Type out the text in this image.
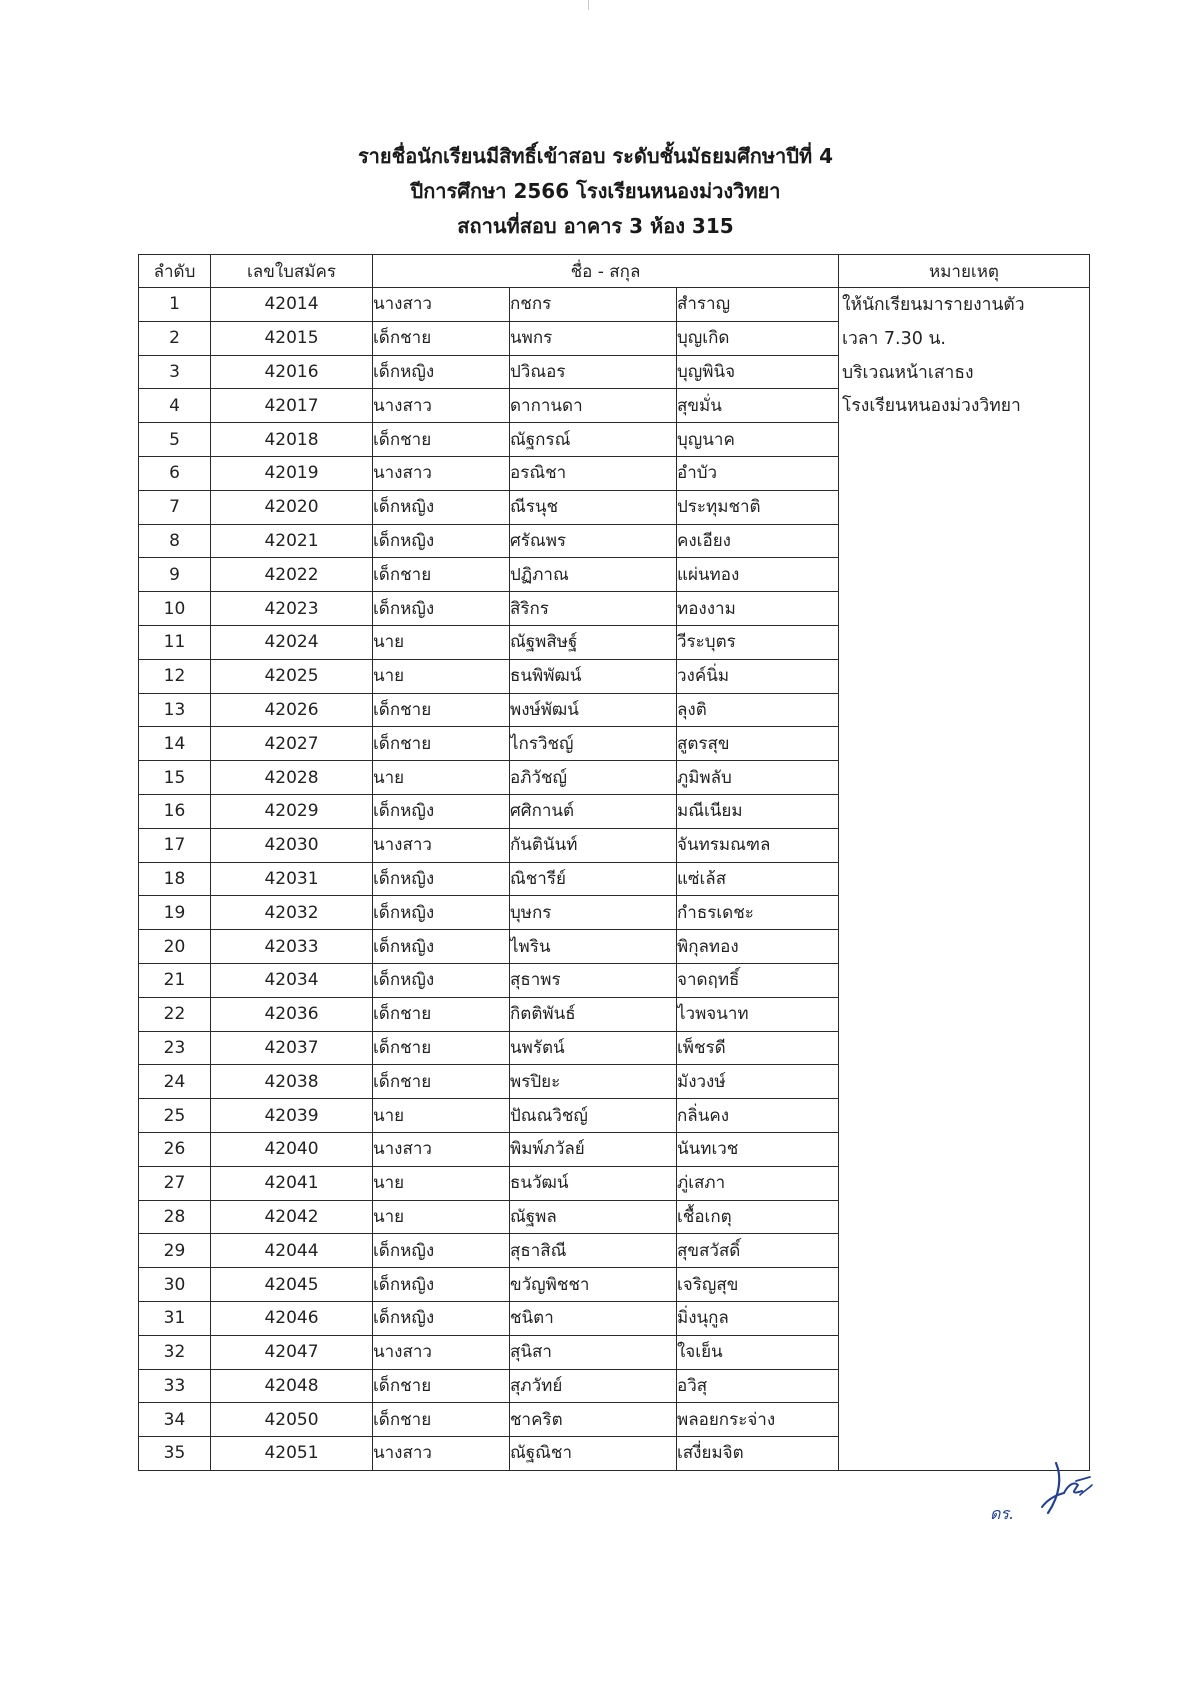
รายชื่อนักเรียนมีสิทธิ์เข้าสอบ ระดับชั้นมัธยมศึกษาปีที่ 4
ปีการศึกษา 2566 โรงเรียนหนองม่วงวิทยา
สถานที่สอบ อาคาร 3 ห้อง 315
ลำดับ	เลขใบสมัคร	ชื่อ - สกุล			หมายเหตุ
1	42014	นางสาว	กชกร	สำราญ	ให้นักเรียนมารายงานตัว
เวลา 7.30 น.
บริเวณหน้าเสาธง
โรงเรียนหนองม่วงวิทยา

2	42015	เด็กชาย	นพกร	บุญเกิด	
3	42016	เด็กหญิง	ปวิณอร	บุญพินิจ	
4	42017	นางสาว	ดากานดา	สุขมั่น	
5	42018	เด็กชาย	ณัฐกรณ์	บุญนาค	
6	42019	นางสาว	อรณิชา	อำบัว	
7	42020	เด็กหญิง	ณีรนุช	ประทุมชาติ	
8	42021	เด็กหญิง	ศรัณพร	คงเอียง	
9	42022	เด็กชาย	ปฏิภาณ	แผ่นทอง	
10	42023	เด็กหญิง	สิริกร	ทองงาม	
11	42024	นาย	ณัฐพสิษฐ์	วีระบุตร	
12	42025	นาย	ธนพิพัฒน์	วงค์นิ่ม	
13	42026	เด็กชาย	พงษ์พัฒน์	ลุงติ	
14	42027	เด็กชาย	ไกรวิชญ์	สูตรสุข	
15	42028	นาย	อภิวัชญ์	ภูมิพลับ	
16	42029	เด็กหญิง	ศศิกานต์	มณีเนียม	
17	42030	นางสาว	กันตินันท์	จันทรมณฑล	
18	42031	เด็กหญิง	ณิชารีย์	แซ่เล้ส	
19	42032	เด็กหญิง	บุษกร	กำธรเดชะ	
20	42033	เด็กหญิง	ไพริน	พิกุลทอง	
21	42034	เด็กหญิง	สุธาพร	จาดฤทธิ์	
22	42036	เด็กชาย	กิตติพันธ์	ไวพจนาท	
23	42037	เด็กชาย	นพรัตน์	เพ็ชรดี	
24	42038	เด็กชาย	พรปิยะ	มังวงษ์	
25	42039	นาย	ปัณณวิชญ์	กลิ่นคง	
26	42040	นางสาว	พิมพ์ภวัลย์	นันทเวช	
27	42041	นาย	ธนวัฒน์	ภู่เสภา	
28	42042	นาย	ณัฐพล	เชื้อเกตุ	
29	42044	เด็กหญิง	สุธาสิณี	สุขสวัสดิ์	
30	42045	เด็กหญิง	ขวัญพิชชา	เจริญสุข	
31	42046	เด็กหญิง	ชนิตา	มิ่งนุกูล	
32	42047	นางสาว	สุนิสา	ใจเย็น	
33	42048	เด็กชาย	สุภวัทย์	อวิสุ	
34	42050	เด็กชาย	ชาคริต	พลอยกระจ่าง	
35	42051	นางสาว	ณัฐณิชา	เสงี่ยมจิต	
ดร.
